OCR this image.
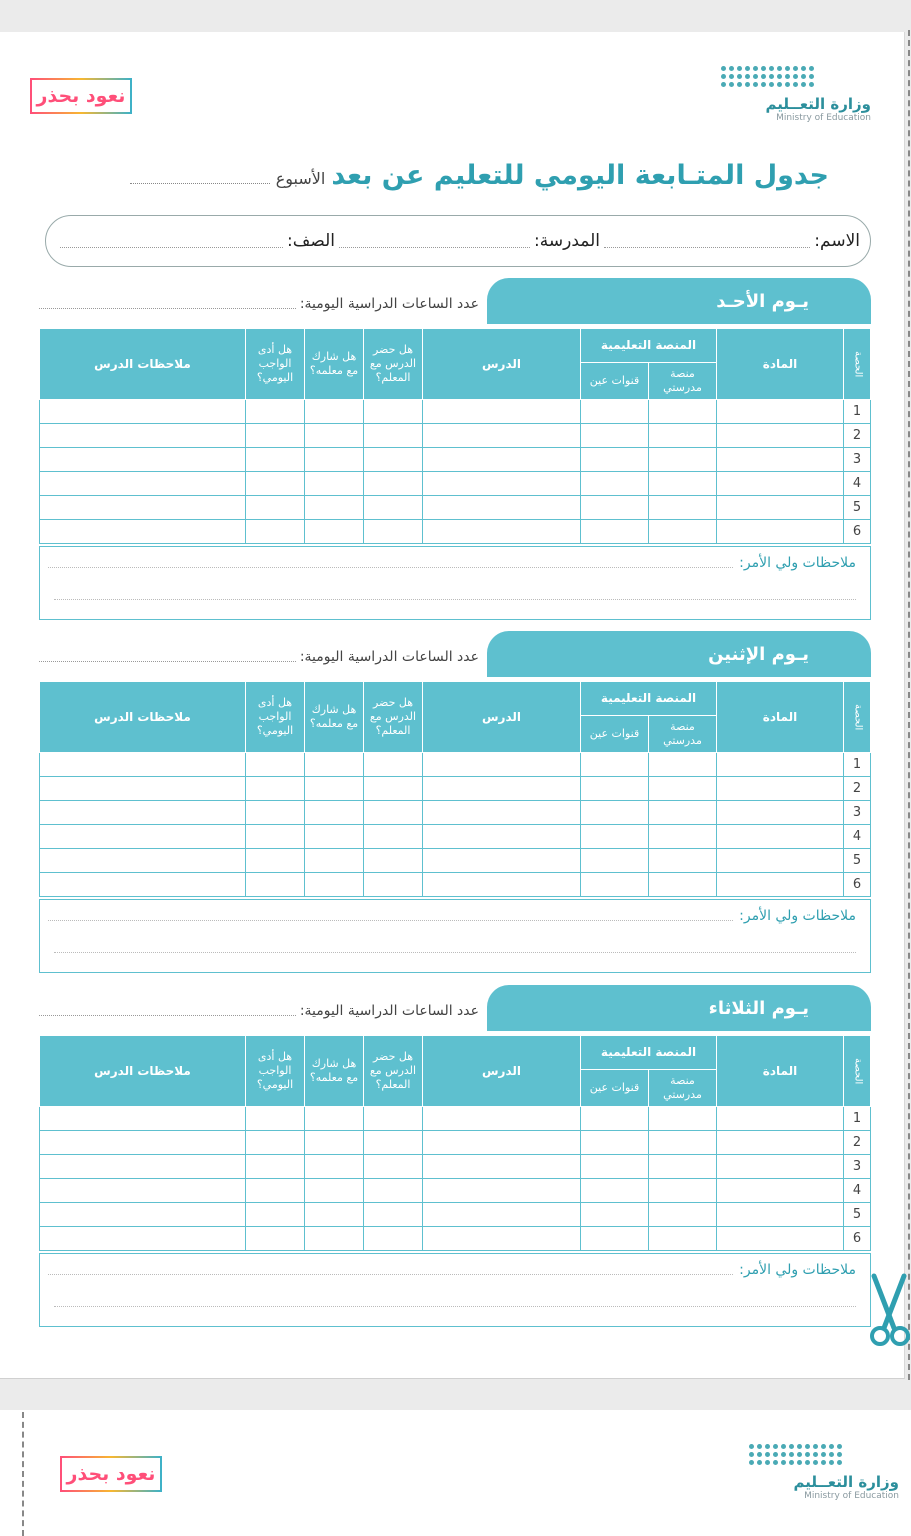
نعود بحذر	وزارة التعــليم
Ministry of Education
جدول المتـابعة اليومي للتعليم عن بعد
الأسبوع
الاسم:
المدرسة:
الصف:
يـوم الأحـد
عدد الساعات الدراسية اليومية:
الحصة	المادة	المنصة التعليمية		الدرس	هل حضر الدرس مع المعلم؟	هل شارك مع معلمه؟	هل أدى الواجب اليومي؟	ملاحظات الدرس
		منصة مدرستي	قنوات عين					
1								
2								
3								
4								
5								
6								
ملاحظات ولي الأمر:
يـوم الإثنين
عدد الساعات الدراسية اليومية:
الحصة	المادة	المنصة التعليمية		الدرس	هل حضر الدرس مع المعلم؟	هل شارك مع معلمه؟	هل أدى الواجب اليومي؟	ملاحظات الدرس
		منصة مدرستي	قنوات عين					
1								
2								
3								
4								
5								
6								
ملاحظات ولي الأمر:
يـوم الثلاثاء
عدد الساعات الدراسية اليومية:
الحصة	المادة	المنصة التعليمية		الدرس	هل حضر الدرس مع المعلم؟	هل شارك مع معلمه؟	هل أدى الواجب اليومي؟	ملاحظات الدرس
		منصة مدرستي	قنوات عين					
1								
2								
3								
4								
5								
6								
ملاحظات ولي الأمر:
نعود بحذر	وزارة التعــليم
Ministry of Education
